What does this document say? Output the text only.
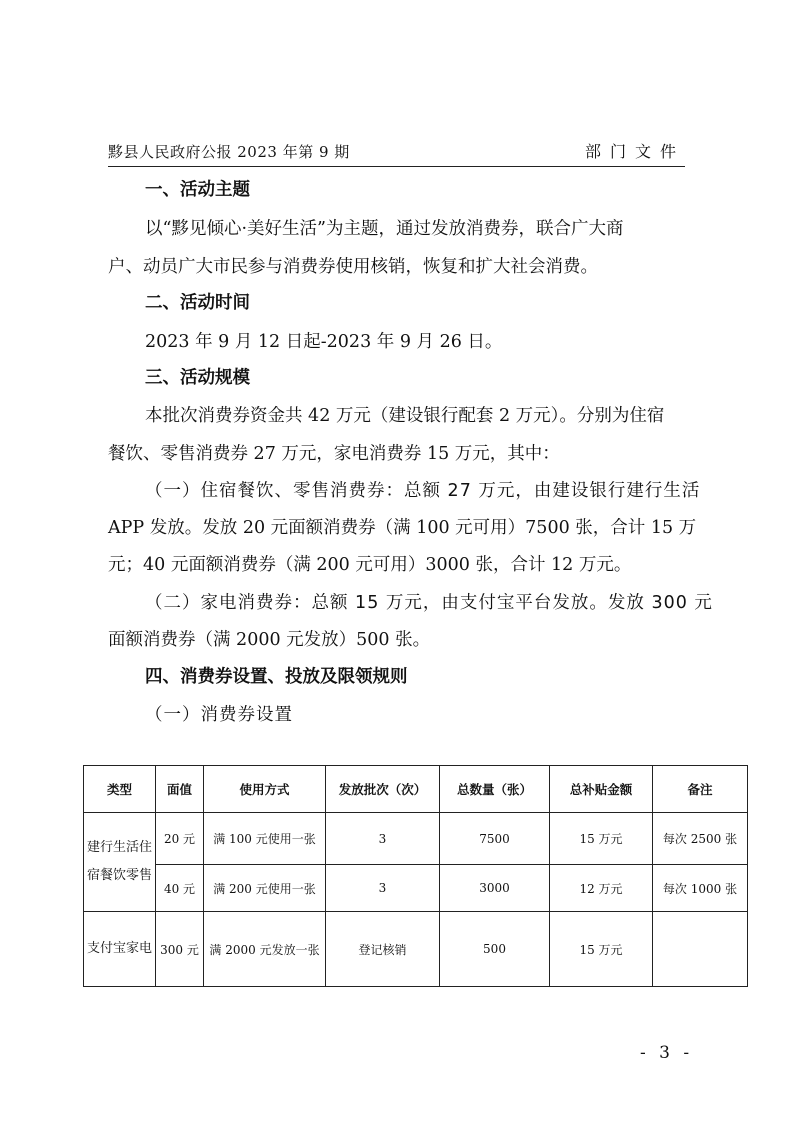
黟县人民政府公报 2023 年第 9 期	部门文件
一、活动主题
以“黟见倾心·美好生活”为主题，通过发放消费券，联合广大商
户、动员广大市民参与消费券使用核销，恢复和扩大社会消费。
二、活动时间
2023 年 9 月 12 日起-2023 年 9 月 26 日。
三、活动规模
本批次消费券资金共 42 万元（建设银行配套 2 万元）。分别为住宿
餐饮、零售消费券 27 万元，家电消费券 15 万元，其中：
（一）住宿餐饮、零售消费券：总额 27 万元，由建设银行建行生活
APP 发放。发放 20 元面额消费券（满 100 元可用）7500 张，合计 15 万
元；40 元面额消费券（满 200 元可用）3000 张，合计 12 万元。
（二）家电消费券：总额 15 万元，由支付宝平台发放。发放 300 元
面额消费券（满 2000 元发放）500 张。
四、消费券设置、投放及限领规则
（一）消费券设置
类型	面值	使用方式	发放批次（次）	总数量（张）	总补贴金额	备注
建行生活住
宿餐饮零售	20 元	满 100 元使用一张	3	7500	15 万元	每次 2500 张
	40 元	满 200 元使用一张	3	3000	12 万元	每次 1000 张
支付宝家电	300 元	满 2000 元发放一张	登记核销	500	15 万元	
- 3 -
